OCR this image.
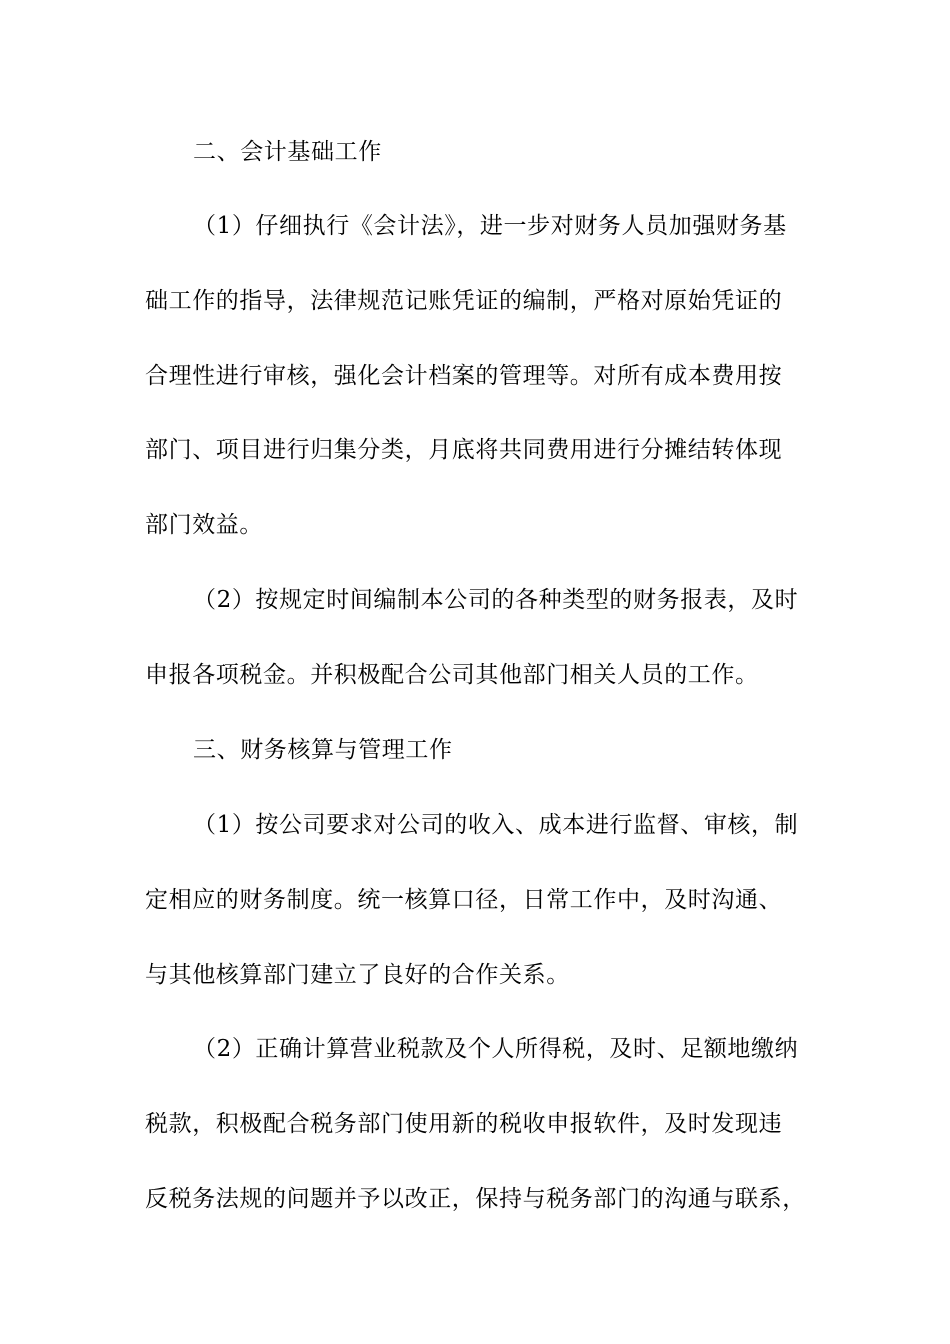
二、会计基础工作
（1）仔细执行《会计法》，进一步对财务人员加强财务基
础工作的指导，法律规范记账凭证的编制，严格对原始凭证的
合理性进行审核，强化会计档案的管理等。对所有成本费用按
部门、项目进行归集分类，月底将共同费用进行分摊结转体现
部门效益。
（2）按规定时间编制本公司的各种类型的财务报表，及时
申报各项税金。并积极配合公司其他部门相关人员的工作。
三、财务核算与管理工作
（1）按公司要求对公司的收入、成本进行监督、审核，制
定相应的财务制度。统一核算口径，日常工作中，及时沟通、
与其他核算部门建立了良好的合作关系。
（2）正确计算营业税款及个人所得税，及时、足额地缴纳
税款，积极配合税务部门使用新的税收申报软件，及时发现违
反税务法规的问题并予以改正，保持与税务部门的沟通与联系，
